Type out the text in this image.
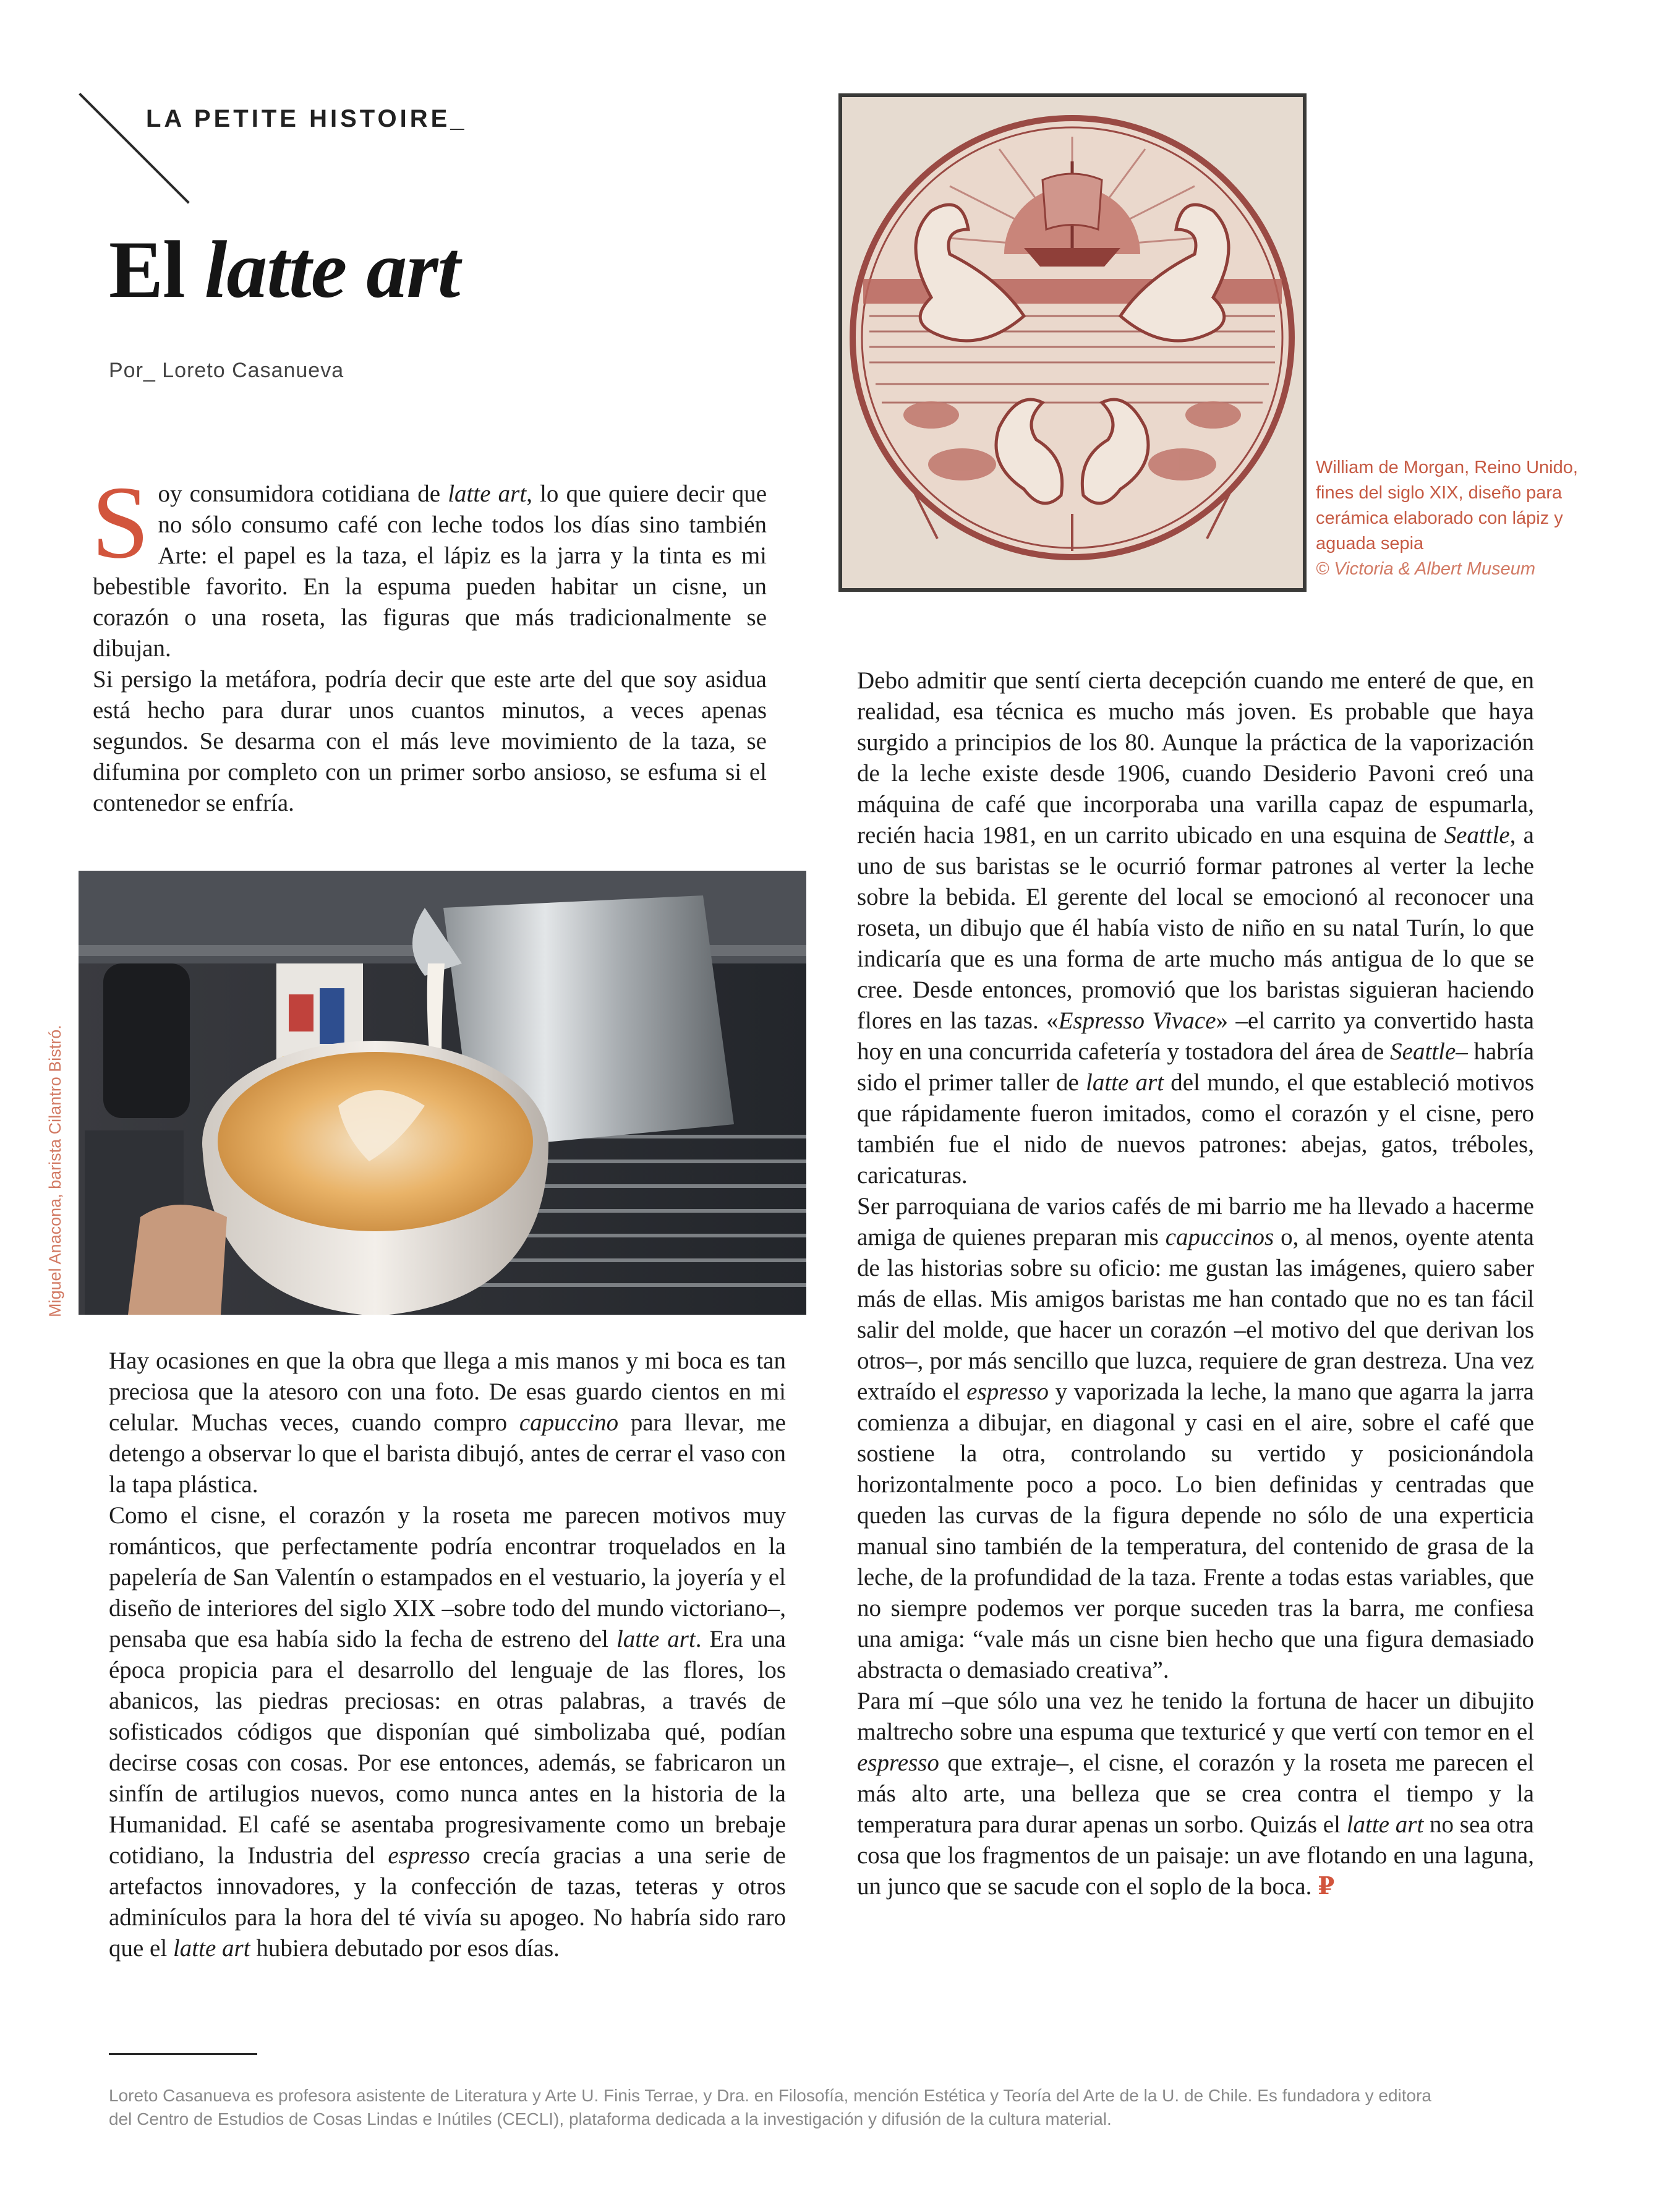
LA PETITE HISTOIRE_
El latte art
Por_ Loreto Casanueva

Soy consumidora cotidiana de latte art, lo que quiere decir que no sólo consumo café con leche todos los días sino también Arte: el papel es la taza, el lápiz es la jarra y la tinta es mi bebestible favorito. En la espuma pueden habitar un cisne, un corazón o una roseta, las figuras que más tradicionalmente se dibujan.

Si persigo la metáfora, podría decir que este arte del que soy asidua está hecho para durar unos cuantos minutos, a veces apenas segundos. Se desarma con el más leve movimiento de la taza, se difumina por completo con un primer sorbo ansioso, se esfuma si el contenedor se enfría.

Miguel Anacona, barista Cilantro Bistró.

Hay ocasiones en que la obra que llega a mis manos y mi boca es tan preciosa que la atesoro con una foto. De esas guardo cientos en mi celular. Muchas veces, cuando compro capuccino para llevar, me detengo a observar lo que el barista dibujó, antes de cerrar el vaso con la tapa plástica.

Como el cisne, el corazón y la roseta me parecen motivos muy románticos, que perfectamente podría encontrar troquelados en la papelería de San Valentín o estampados en el vestuario, la joyería y el diseño de interiores del siglo XIX –sobre todo del mundo victoriano–, pensaba que esa había sido la fecha de estreno del latte art. Era una época propicia para el desarrollo del lenguaje de las flores, los abanicos, las piedras preciosas: en otras palabras, a través de sofisticados códigos que disponían qué simbolizaba qué, podían decirse cosas con cosas. Por ese entonces, además, se fabricaron un sinfín de artilugios nuevos, como nunca antes en la historia de la Humanidad. El café se asentaba progresivamente como un brebaje cotidiano, la Industria del espresso crecía gracias a una serie de artefactos innovadores, y la confección de tazas, teteras y otros adminículos para la hora del té vivía su apogeo. No habría sido raro que el latte art hubiera debutado por esos días.

William de Morgan, Reino Unido, fines del siglo XIX, diseño para cerámica elaborado con lápiz y aguada sepia
© Victoria & Albert Museum

Debo admitir que sentí cierta decepción cuando me enteré de que, en realidad, esa técnica es mucho más joven. Es probable que haya surgido a principios de los 80. Aunque la práctica de la vaporización de la leche existe desde 1906, cuando Desiderio Pavoni creó una máquina de café que incorporaba una varilla capaz de espumarla, recién hacia 1981, en un carrito ubicado en una esquina de Seattle, a uno de sus baristas se le ocurrió formar patrones al verter la leche sobre la bebida. El gerente del local se emocionó al reconocer una roseta, un dibujo que él había visto de niño en su natal Turín, lo que indicaría que es una forma de arte mucho más antigua de lo que se cree. Desde entonces, promovió que los baristas siguieran haciendo flores en las tazas. «Espresso Vivace» –el carrito ya convertido hasta hoy en una concurrida cafetería y tostadora del área de Seattle– habría sido el primer taller de latte art del mundo, el que estableció motivos que rápidamente fueron imitados, como el corazón y el cisne, pero también fue el nido de nuevos patrones: abejas, gatos, tréboles, caricaturas.

Ser parroquiana de varios cafés de mi barrio me ha llevado a hacerme amiga de quienes preparan mis capuccinos o, al menos, oyente atenta de las historias sobre su oficio: me gustan las imágenes, quiero saber más de ellas. Mis amigos baristas me han contado que no es tan fácil salir del molde, que hacer un corazón –el motivo del que derivan los otros–, por más sencillo que luzca, requiere de gran destreza. Una vez extraído el espresso y vaporizada la leche, la mano que agarra la jarra comienza a dibujar, en diagonal y casi en el aire, sobre el café que sostiene la otra, controlando su vertido y posicionándola horizontalmente poco a poco. Lo bien definidas y centradas que queden las curvas de la figura depende no sólo de una experticia manual sino también de la temperatura, del contenido de grasa de la leche, de la profundidad de la taza. Frente a todas estas variables, que no siempre podemos ver porque suceden tras la barra, me confiesa una amiga: “vale más un cisne bien hecho que una figura demasiado abstracta o demasiado creativa”.

Para mí –que sólo una vez he tenido la fortuna de hacer un dibujito maltrecho sobre una espuma que texturicé y que vertí con temor en el espresso que extraje–, el cisne, el corazón y la roseta me parecen el más alto arte, una belleza que se crea contra el tiempo y la temperatura para durar apenas un sorbo. Quizás el latte art no sea otra cosa que los fragmentos de un paisaje: un ave flotando en una laguna, un junco que se sacude con el soplo de la boca. ₽

Loreto Casanueva es profesora asistente de Literatura y Arte U. Finis Terrae, y Dra. en Filosofía, mención Estética y Teoría del Arte de la U. de Chile. Es fundadora y editora
del Centro de Estudios de Cosas Lindas e Inútiles (CECLI), plataforma dedicada a la investigación y difusión de la cultura material.
